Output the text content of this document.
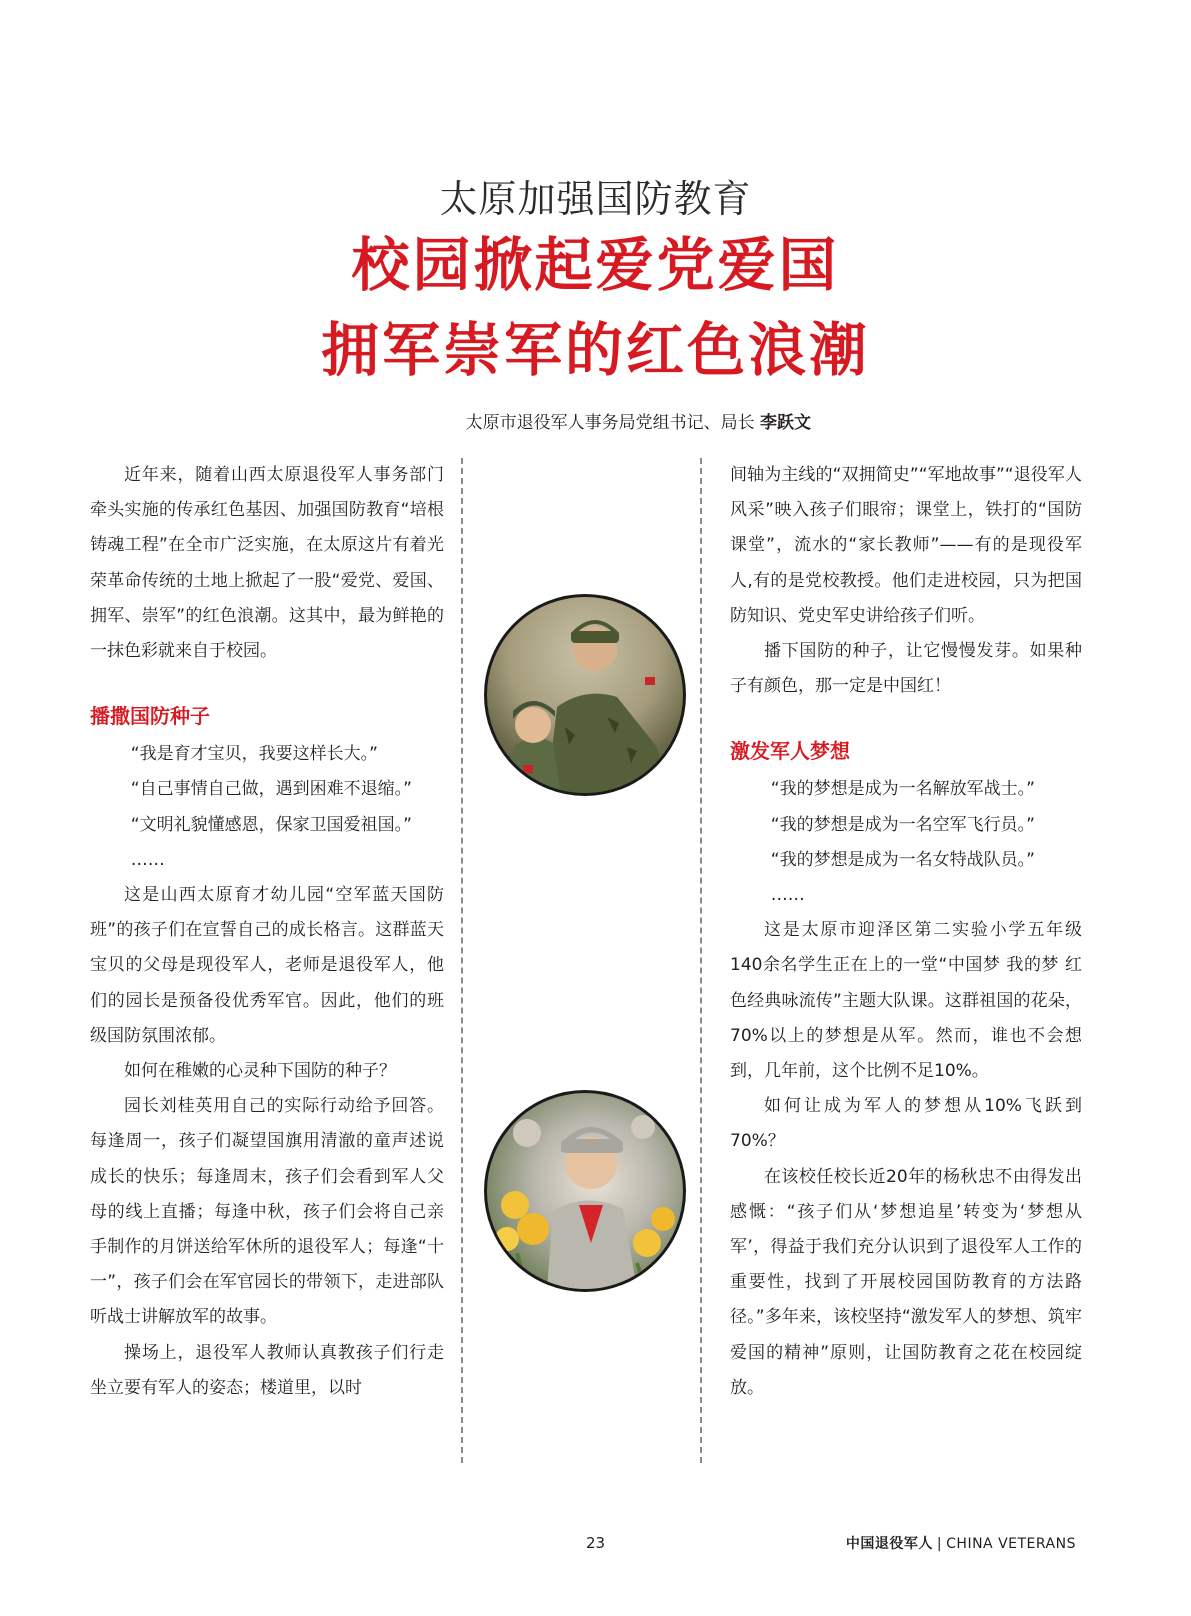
太原加强国防教育
校园掀起爱党爱国
拥军崇军的红色浪潮
太原市退役军人事务局党组书记、局长 李跃文

近年来，随着山西太原退役军人事务部门牵头实施的传承红色基因、加强国防教育“培根铸魂工程”在全市广泛实施，在太原这片有着光荣革命传统的土地上掀起了一股“爱党、爱国、拥军、崇军”的红色浪潮。这其中，最为鲜艳的一抹色彩就来自于校园。

播撒国防种子

“我是育才宝贝，我要这样长大。”

“自己事情自己做，遇到困难不退缩。”

“文明礼貌懂感恩，保家卫国爱祖国。”

……

这是山西太原育才幼儿园“空军蓝天国防班”的孩子们在宣誓自己的成长格言。这群蓝天宝贝的父母是现役军人，老师是退役军人，他们的园长是预备役优秀军官。因此，他们的班级国防氛围浓郁。

如何在稚嫩的心灵种下国防的种子？

园长刘桂英用自己的实际行动给予回答。每逢周一，孩子们凝望国旗用清澈的童声述说成长的快乐；每逢周末，孩子们会看到军人父母的线上直播；每逢中秋，孩子们会将自己亲手制作的月饼送给军休所的退役军人；每逢“十一”，孩子们会在军官园长的带领下，走进部队听战士讲解放军的故事。

操场上，退役军人教师认真教孩子们行走坐立要有军人的姿态；楼道里，以时

间轴为主线的“双拥简史”“军地故事”“退役军人风采”映入孩子们眼帘；课堂上，铁打的“国防课堂”，流水的“家长教师”——有的是现役军人,有的是党校教授。他们走进校园，只为把国防知识、党史军史讲给孩子们听。

播下国防的种子，让它慢慢发芽。如果种子有颜色，那一定是中国红！

激发军人梦想

“我的梦想是成为一名解放军战士。”

“我的梦想是成为一名空军飞行员。”

“我的梦想是成为一名女特战队员。”

……

这是太原市迎泽区第二实验小学五年级140余名学生正在上的一堂“中国梦 我的梦 红色经典咏流传”主题大队课。这群祖国的花朵，70%以上的梦想是从军。然而，谁也不会想到，几年前，这个比例不足10%。

如何让成为军人的梦想从10%飞跃到70%？

在该校任校长近20年的杨秋忠不由得发出感慨：“孩子们从‘梦想追星’转变为‘梦想从军’，得益于我们充分认识到了退役军人工作的重要性，找到了开展校园国防教育的方法路径。”多年来，该校坚持“激发军人的梦想、筑牢爱国的精神”原则，让国防教育之花在校园绽放。

23	中国退役军人 | CHINA VETERANS
